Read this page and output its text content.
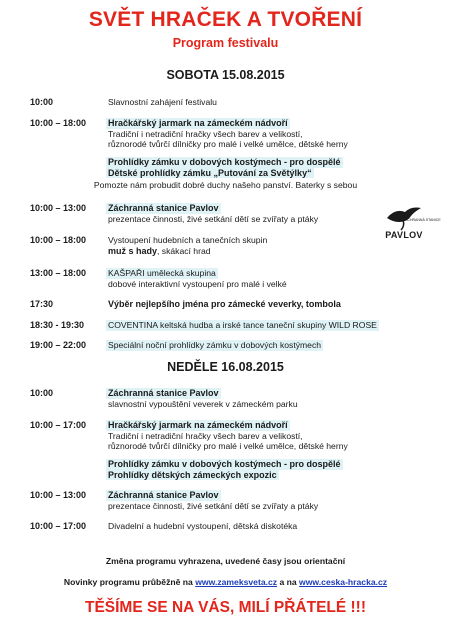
SVĚT HRAČEK A TVOŘENÍ
Program festivalu
SOBOTA 15.08.2015
10:00	Slavnostní zahájení festivalu
10:00 – 18:00 Hračkářský jarmark na zámeckém nádvoří
Tradiční i netradiční hračky všech barev a velikostí,
různorodé tvůrčí dílničky pro malé i velké umělce, dětské herny
Prohlídky zámku v dobových kostýmech - pro dospělé
Dětské prohlídky zámku „Putování za Světýlky“
Pomozte nám probudit dobré duchy našeho panství. Baterky s sebou
10:00 – 13:00 Záchranná stanice Pavlov
prezentace činnosti, živé setkání dětí se zvířaty a ptáky
10:00 – 18:00	Vystoupení hudebních a tanečních skupin
muž s hady, skákací hrad
13:00 – 18:00	KAŠPAŘI umělecká skupina
dobové interaktivní vystoupení pro malé i velké
17:30	Výběr nejlepšího jména pro zámecké veverky, tombola
18:30 - 19:30	COVENTINA keltská hudba a irské tance taneční skupiny WILD ROSE
19:00 – 22:00	Speciální noční prohlídky zámku v dobových kostýmech
ZÁCHRANNÁ STANICE
PAVLOV
NEDĚLE 16.08.2015
10:00	Záchranná stanice Pavlov
slavnostní vypouštění veverek v zámeckém parku
10:00 – 17:00 Hračkářský jarmark na zámeckém nádvoří
Tradiční i netradiční hračky všech barev a velikostí,
různorodé tvůrčí dílničky pro malé i velké umělce, dětské herny
Prohlídky zámku v dobových kostýmech - pro dospělé
Prohlídky dětských zámeckých expozic
10:00 – 13:00 Záchranná stanice Pavlov
prezentace činnosti, živé setkání dětí se zvířaty a ptáky
10:00 – 17:00	Divadelní a hudební vystoupení, dětská diskotéka
Změna programu vyhrazena, uvedené časy jsou orientační
Novinky programu průběžně na www.zameksveta.cz a na www.ceska-hracka.cz
TĚŠÍME SE NA VÁS, MILÍ PŘÁTELÉ !!!
